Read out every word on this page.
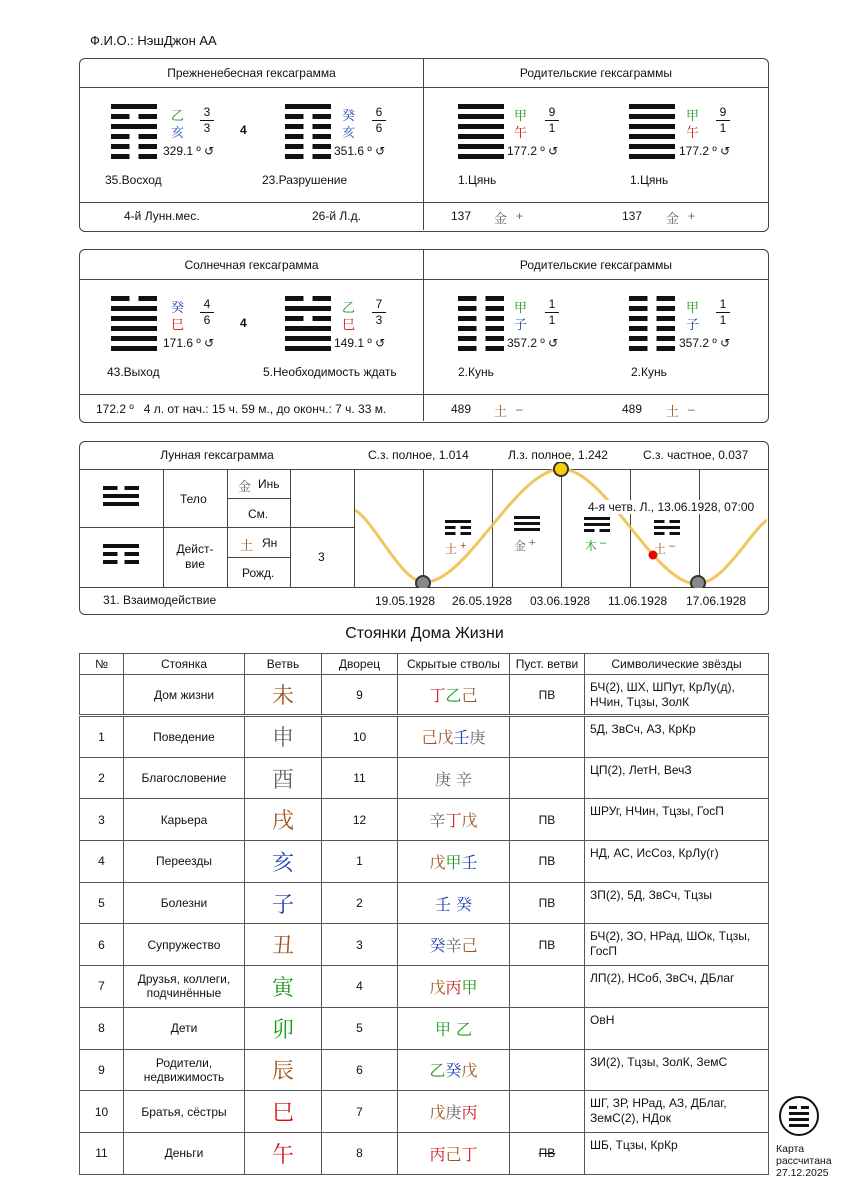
Ф.И.О.: НэшДжон АА
Прежненебесная гексаграмма	Родительские гексаграммы
乙
亥
3
3
329.1 º ↺
35.Восход
4
癸
亥
6
6
351.6 º ↺
23.Разрушение
甲
午
9
1
177.2 º ↺
1.Цянь
甲
午
9
1
177.2 º ↺
1.Цянь
4-й Лунн.мес.	26-й Л.д.	137 金 +	137 金 +
Солнечная гексаграмма	Родительские гексаграммы
癸
巳
4
6
171.6 º ↺
43.Выход
4
乙
巳
7
3
149.1 º ↺
5.Необходимость ждать
甲
子
1
1
357.2 º ↺
2.Кунь
甲
子
1
1
357.2 º ↺
2.Кунь
172.2 º   4 л. от нач.: 15 ч. 59 м., до оконч.: 7 ч. 33 м.	489 土 –	489 土 –
Лунная гексаграмма	С.з. полное, 1.014	Л.з. полное, 1.242	С.з. частное, 0.037
Тело
Дейст-
вие
金 Инь
См.
土 Ян
Рожд.
3
31. Взаимодействие
土 +	金 +	木 –	土 –
4-я четв. Л., 13.06.1928, 07:00
19.05.1928 26.05.1928 03.06.1928 11.06.1928 17.06.1928
Стоянки Дома Жизни
№	Стоянка	Ветвь	Дворец	Скрытые стволы	Пуст. ветви	Символические звёзды
	Дом жизни	未	9	丁乙己	ПВ	БЧ(2), ШХ, ШПут, КрЛу(д), НЧин, Тцзы, ЗолК
1	Поведение	申	10	己戊壬庚		5Д, ЗвСч, АЗ, КрКр
2	Благословение	酉	11	庚 辛		ЦП(2), ЛетН, ВечЗ
3	Карьера	戌	12	辛丁戊	ПВ	ШРУг, НЧин, Тцзы, ГосП
4	Переезды	亥	1	戊甲壬	ПВ	НД, АС, ИсСоз, КрЛу(г)
5	Болезни	子	2	壬 癸	ПВ	ЗП(2), 5Д, ЗвСч, Тцзы
6	Супружество	丑	3	癸辛己	ПВ	БЧ(2), ЗО, НРад, ШОк, Тцзы, ГосП
7	Друзья, коллеги, подчинённые	寅	4	戊丙甲		ЛП(2), НСоб, ЗвСч, ДБлаг
8	Дети	卯	5	甲 乙		ОвН
9	Родители, недвижимость	辰	6	乙癸戊		ЗИ(2), Тцзы, ЗолК, ЗемС
10	Братья, сёстры	巳	7	戊庚丙		ШГ, ЗР, НРад, АЗ, ДБлаг, ЗемС(2), НДок
11	Деньги	午	8	丙己丁	ПВ	ШБ, Тцзы, КрКр	Карта
рассчитана
27.12.2025
